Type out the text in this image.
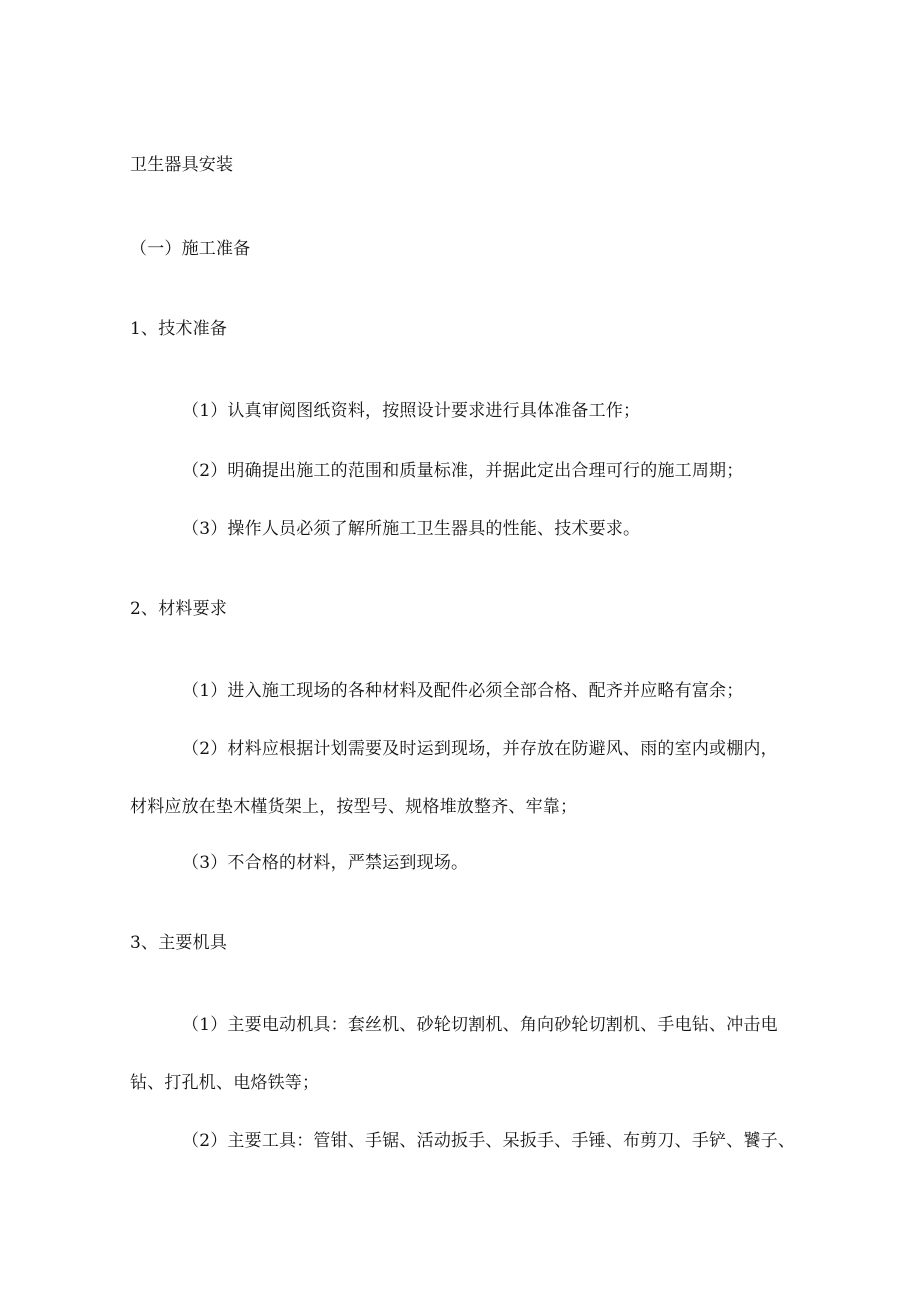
卫生器具安装
（一）施工准备
1、技术准备
（1）认真审阅图纸资料，按照设计要求进行具体准备工作；
（2）明确提出施工的范围和质量标准，并据此定出合理可行的施工周期；
（3）操作人员必须了解所施工卫生器具的性能、技术要求。
2、材料要求
（1）进入施工现场的各种材料及配件必须全部合格、配齐并应略有富余；
（2）材料应根据计划需要及时运到现场，并存放在防避风、雨的室内或棚内，
材料应放在垫木槿货架上，按型号、规格堆放整齐、牢靠；
（3）不合格的材料，严禁运到现场。
3、主要机具
（1）主要电动机具：套丝机、砂轮切割机、角向砂轮切割机、手电钻、冲击电
钻、打孔机、电烙铁等；
（2）主要工具：管钳、手锯、活动扳手、呆扳手、手锤、布剪刀、手铲、饕子、
